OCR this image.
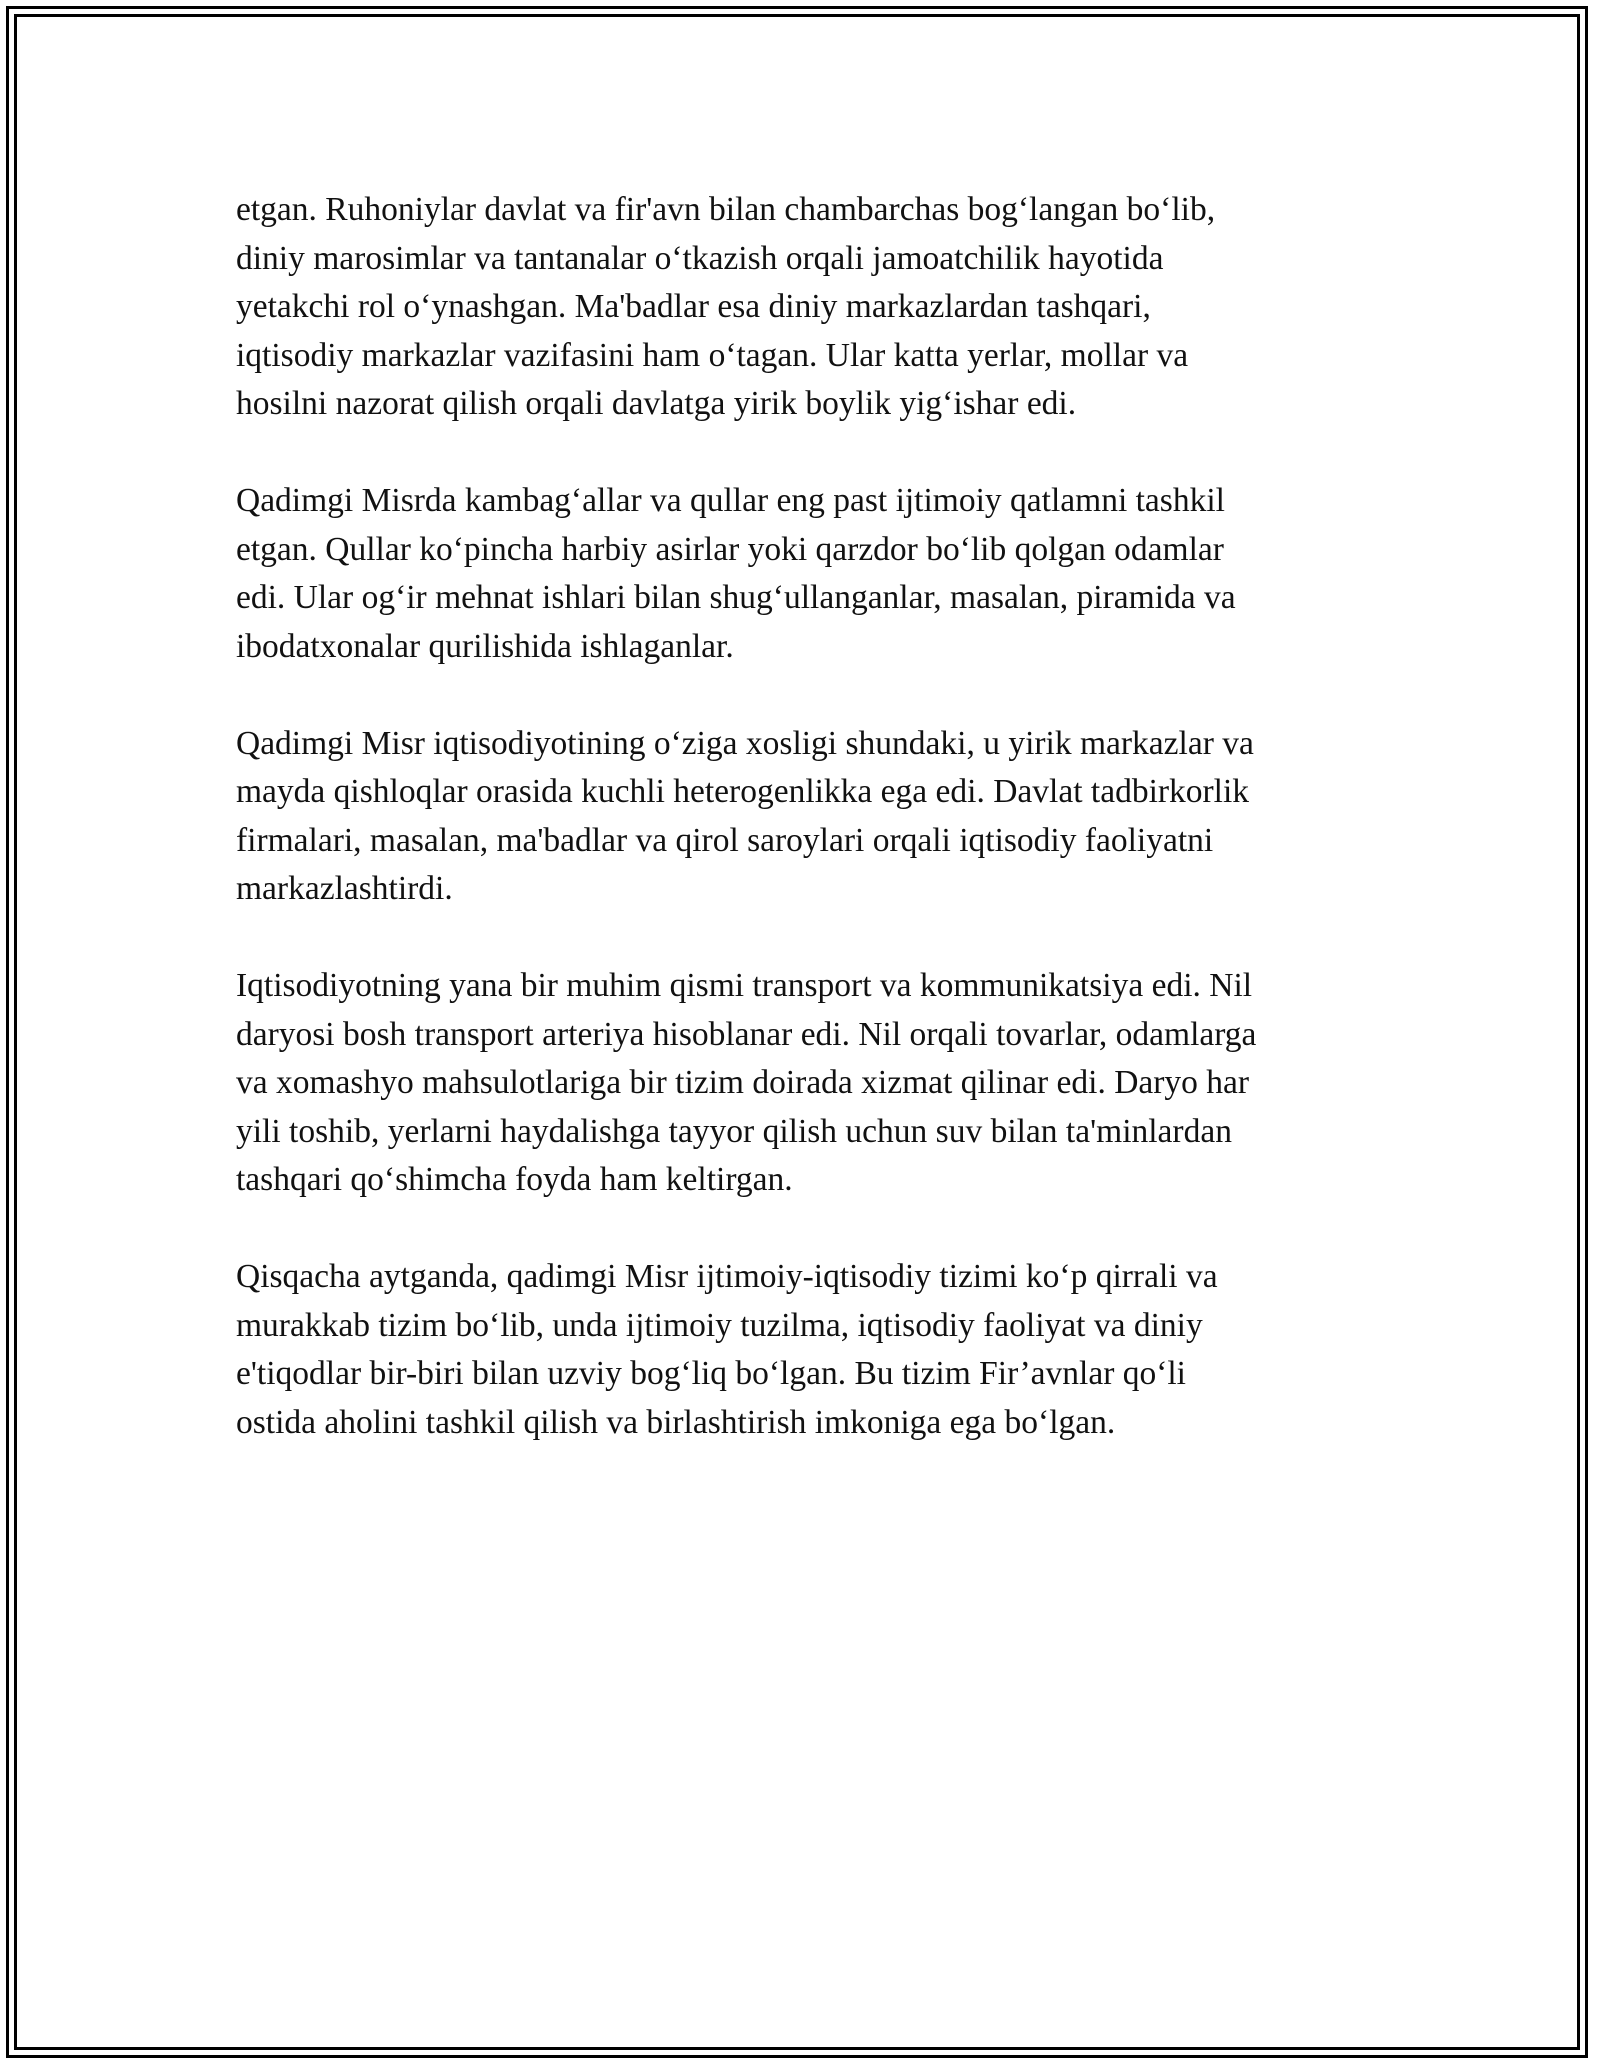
etgan. Ruhoniylar davlat va fir'avn bilan chambarchas bog‘langan bo‘lib,
diniy marosimlar va tantanalar o‘tkazish orqali jamoatchilik hayotida
yetakchi rol o‘ynashgan. Ma'badlar esa diniy markazlardan tashqari,
iqtisodiy markazlar vazifasini ham o‘tagan. Ular katta yerlar, mollar va
hosilni nazorat qilish orqali davlatga yirik boylik yig‘ishar edi.

Qadimgi Misrda kambag‘allar va qullar eng past ijtimoiy qatlamni tashkil
etgan. Qullar ko‘pincha harbiy asirlar yoki qarzdor bo‘lib qolgan odamlar
edi. Ular og‘ir mehnat ishlari bilan shug‘ullanganlar, masalan, piramida va
ibodatxonalar qurilishida ishlaganlar.

Qadimgi Misr iqtisodiyotining o‘ziga xosligi shundaki, u yirik markazlar va
mayda qishloqlar orasida kuchli heterogenlikka ega edi. Davlat tadbirkorlik
firmalari, masalan, ma'badlar va qirol saroylari orqali iqtisodiy faoliyatni
markazlashtirdi.

Iqtisodiyotning yana bir muhim qismi transport va kommunikatsiya edi. Nil
daryosi bosh transport arteriya hisoblanar edi. Nil orqali tovarlar, odamlarga
va xomashyo mahsulotlariga bir tizim doirada xizmat qilinar edi. Daryo har
yili toshib, yerlarni haydalishga tayyor qilish uchun suv bilan ta'minlardan
tashqari qo‘shimcha foyda ham keltirgan.

Qisqacha aytganda, qadimgi Misr ijtimoiy-iqtisodiy tizimi ko‘p qirrali va
murakkab tizim bo‘lib, unda ijtimoiy tuzilma, iqtisodiy faoliyat va diniy
e'tiqodlar bir-biri bilan uzviy bog‘liq bo‘lgan. Bu tizim Fir’avnlar qo‘li
ostida aholini tashkil qilish va birlashtirish imkoniga ega bo‘lgan.
